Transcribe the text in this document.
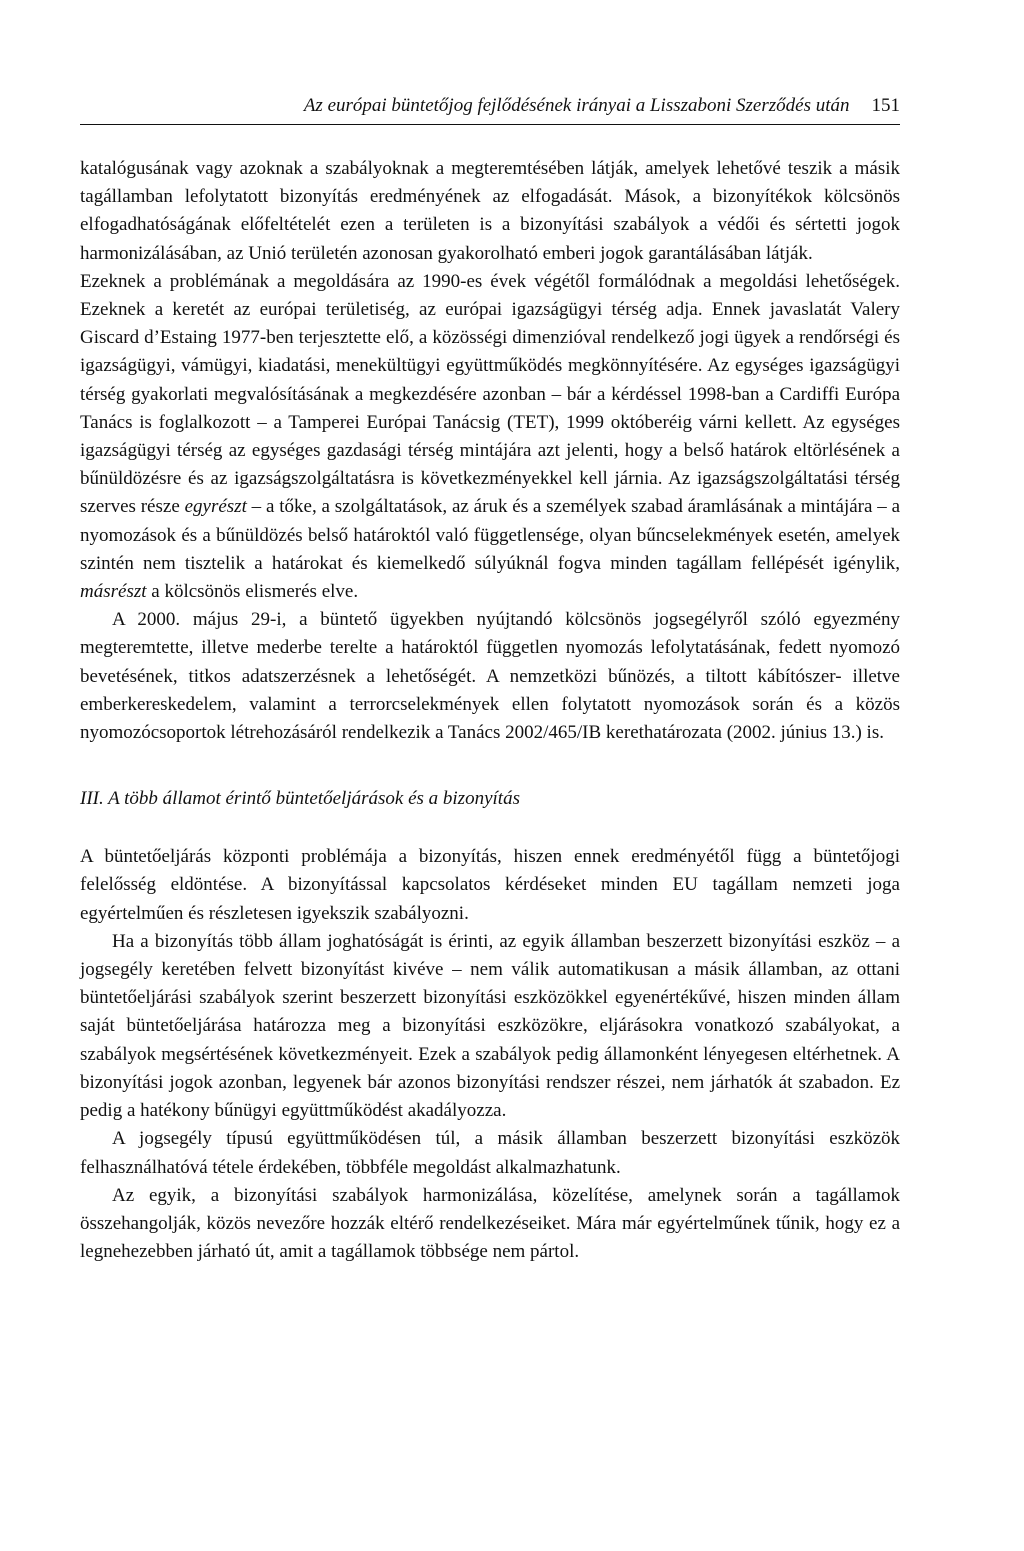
Az európai büntetőjog fejlődésének irányai a Lisszaboni Szerződés után 151

katalógusának vagy azoknak a szabályoknak a megteremtésében látják, amelyek lehetővé teszik a másik tagállamban lefolytatott bizonyítás eredményének az elfogadását. Mások, a bizonyítékok kölcsönös elfogadhatóságának előfeltételét ezen a területen is a bizonyítási szabályok a védői és sértetti jogok harmonizálásában, az Unió területén azonosan gyakorolható emberi jogok garantálásában látják.

Ezeknek a problémának a megoldására az 1990-es évek végétől formálódnak a megoldási lehetőségek. Ezeknek a keretét az európai területiség, az európai igazságügyi térség adja. Ennek javaslatát Valery Giscard d’Estaing 1977-ben terjesztette elő, a közösségi dimenzióval rendelkező jogi ügyek a rendőrségi és igazságügyi, vámügyi, kiadatási, menekültügyi együttműködés megkönnyítésére. Az egységes igazságügyi térség gyakorlati megvalósításának a megkezdésére azonban – bár a kérdéssel 1998-ban a Cardiffi Európa Tanács is foglalkozott – a Tamperei Európai Tanácsig (TET), 1999 októberéig várni kellett. Az egységes igazságügyi térség az egységes gazdasági térség mintájára azt jelenti, hogy a belső határok eltörlésének a bűnüldözésre és az igazságszolgáltatásra is következményekkel kell járnia. Az igazságszolgáltatási térség szerves része egyrészt – a tőke, a szolgáltatások, az áruk és a személyek szabad áramlásának a mintájára – a nyomozások és a bűnüldözés belső határoktól való függetlensége, olyan bűncselekmények esetén, amelyek szintén nem tisztelik a határokat és kiemelkedő súlyúknál fogva minden tagállam fellépését igénylik, másrészt a kölcsönös elismerés elve.

A 2000. május 29-i, a büntető ügyekben nyújtandó kölcsönös jogsegélyről szóló egyezmény megteremtette, illetve mederbe terelte a határoktól független nyomozás lefolytatásának, fedett nyomozó bevetésének, titkos adatszerzésnek a lehetőségét. A nemzetközi bűnözés, a tiltott kábítószer- illetve emberkereskedelem, valamint a terrorcselekmények ellen folytatott nyomozások során és a közös nyomozócsoportok létrehozásáról rendelkezik a Tanács 2002/465/IB kerethatározata (2002. június 13.) is.

III. A több államot érintő büntetőeljárások és a bizonyítás

A büntetőeljárás központi problémája a bizonyítás, hiszen ennek eredményétől függ a büntetőjogi felelősség eldöntése. A bizonyítással kapcsolatos kérdéseket minden EU tagállam nemzeti joga egyértelműen és részletesen igyekszik szabályozni.

Ha a bizonyítás több állam joghatóságát is érinti, az egyik államban beszerzett bizonyítási eszköz – a jogsegély keretében felvett bizonyítást kivéve – nem válik automatikusan a másik államban, az ottani büntetőeljárási szabályok szerint beszerzett bizonyítási eszközökkel egyenértékűvé, hiszen minden állam saját büntetőeljárása határozza meg a bizonyítási eszközökre, eljárásokra vonatkozó szabályokat, a szabályok megsértésének következményeit. Ezek a szabályok pedig államonként lényegesen eltérhetnek. A bizonyítási jogok azonban, legyenek bár azonos bizonyítási rendszer részei, nem járhatók át szabadon. Ez pedig a hatékony bűnügyi együttműködést akadályozza.

A jogsegély típusú együttműködésen túl, a másik államban beszerzett bizonyítási eszközök felhasználhatóvá tétele érdekében, többféle megoldást alkalmazhatunk.

Az egyik, a bizonyítási szabályok harmonizálása, közelítése, amelynek során a tagállamok összehangolják, közös nevezőre hozzák eltérő rendelkezéseiket. Mára már egyértelműnek tűnik, hogy ez a legnehezebben járható út, amit a tagállamok többsége nem pártol.
